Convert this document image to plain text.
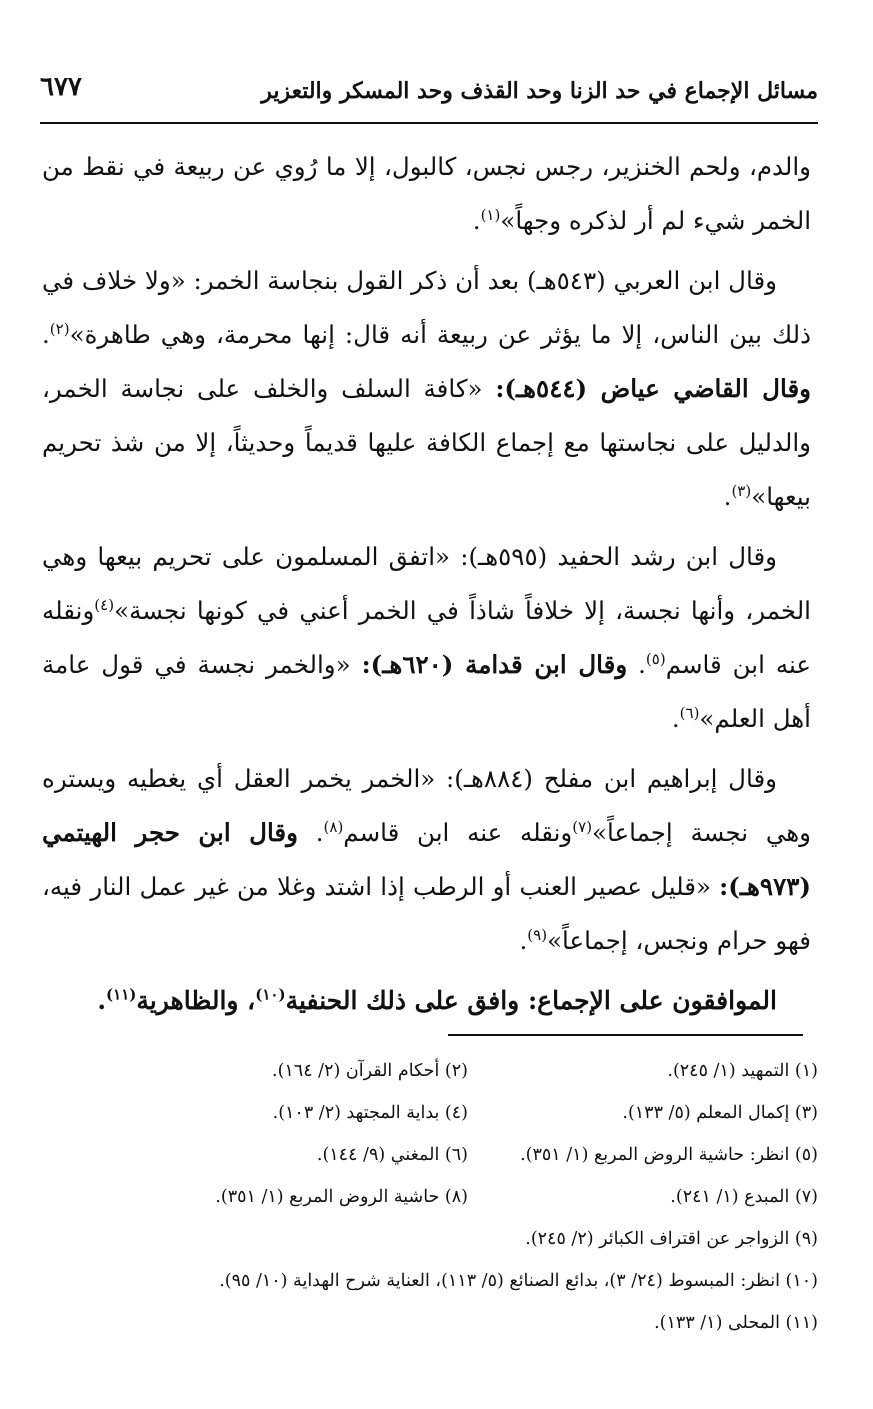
مسائل الإجماع في حد الزنا وحد القذف وحد المسكر والتعزير
٦٧٧

والدم، ولحم الخنزير، رجس نجس، كالبول، إلا ما رُوي عن ربيعة في نقط من الخمر شيء لم أر لذكره وجهاً»$^{(١)}$.

وقال ابن العربي (٥٤٣هـ) بعد أن ذكر القول بنجاسة الخمر: «ولا خلاف في ذلك بين الناس، إلا ما يؤثر عن ربيعة أنه قال: إنها محرمة، وهي طاهرة»$^{(٢)}$. وقال القاضي عياض (٥٤٤هـ): «كافة السلف والخلف على نجاسة الخمر، والدليل على نجاستها مع إجماع الكافة عليها قديماً وحديثاً، إلا من شذ تحريم بيعها»$^{(٣)}$.

وقال ابن رشد الحفيد (٥٩٥هـ): «اتفق المسلمون على تحريم بيعها وهي الخمر، وأنها نجسة، إلا خلافاً شاذاً في الخمر أعني في كونها نجسة»$^{(٤)}$ونقله عنه ابن قاسم$^{(٥)}$. وقال ابن قدامة (٦٢٠هـ): «والخمر نجسة في قول عامة أهل العلم»$^{(٦)}$.

وقال إبراهيم ابن مفلح (٨٨٤هـ): «الخمر يخمر العقل أي يغطيه ويستره وهي نجسة إجماعاً»$^{(٧)}$ونقله عنه ابن قاسم$^{(٨)}$. وقال ابن حجر الهيتمي (٩٧٣هـ): «قليل عصير العنب أو الرطب إذا اشتد وغلا من غير عمل النار فيه، فهو حرام ونجس، إجماعاً»$^{(٩)}$.

الموافقون على الإجماع: وافق على ذلك الحنفية$^{(١٠)}$، والظاهرية$^{(١١)}$.

(١) التمهيد (١/ ٢٤٥).
(٢) أحكام القرآن (٢/ ١٦٤).
(٣) إكمال المعلم (٥/ ١٣٣).
(٤) بداية المجتهد (٢/ ١٠٣).
(٥) انظر: حاشية الروض المربع (١/ ٣٥١).
(٦) المغني (٩/ ١٤٤).
(٧) المبدع (١/ ٢٤١).
(٨) حاشية الروض المربع (١/ ٣٥١).
(٩) الزواجر عن اقتراف الكبائر (٢/ ٢٤٥).
(١٠) انظر: المبسوط (٢٤/ ٣)، بدائع الصنائع (٥/ ١١٣)، العناية شرح الهداية (١٠/ ٩٥).
(١١) المحلى (١/ ١٣٣).
